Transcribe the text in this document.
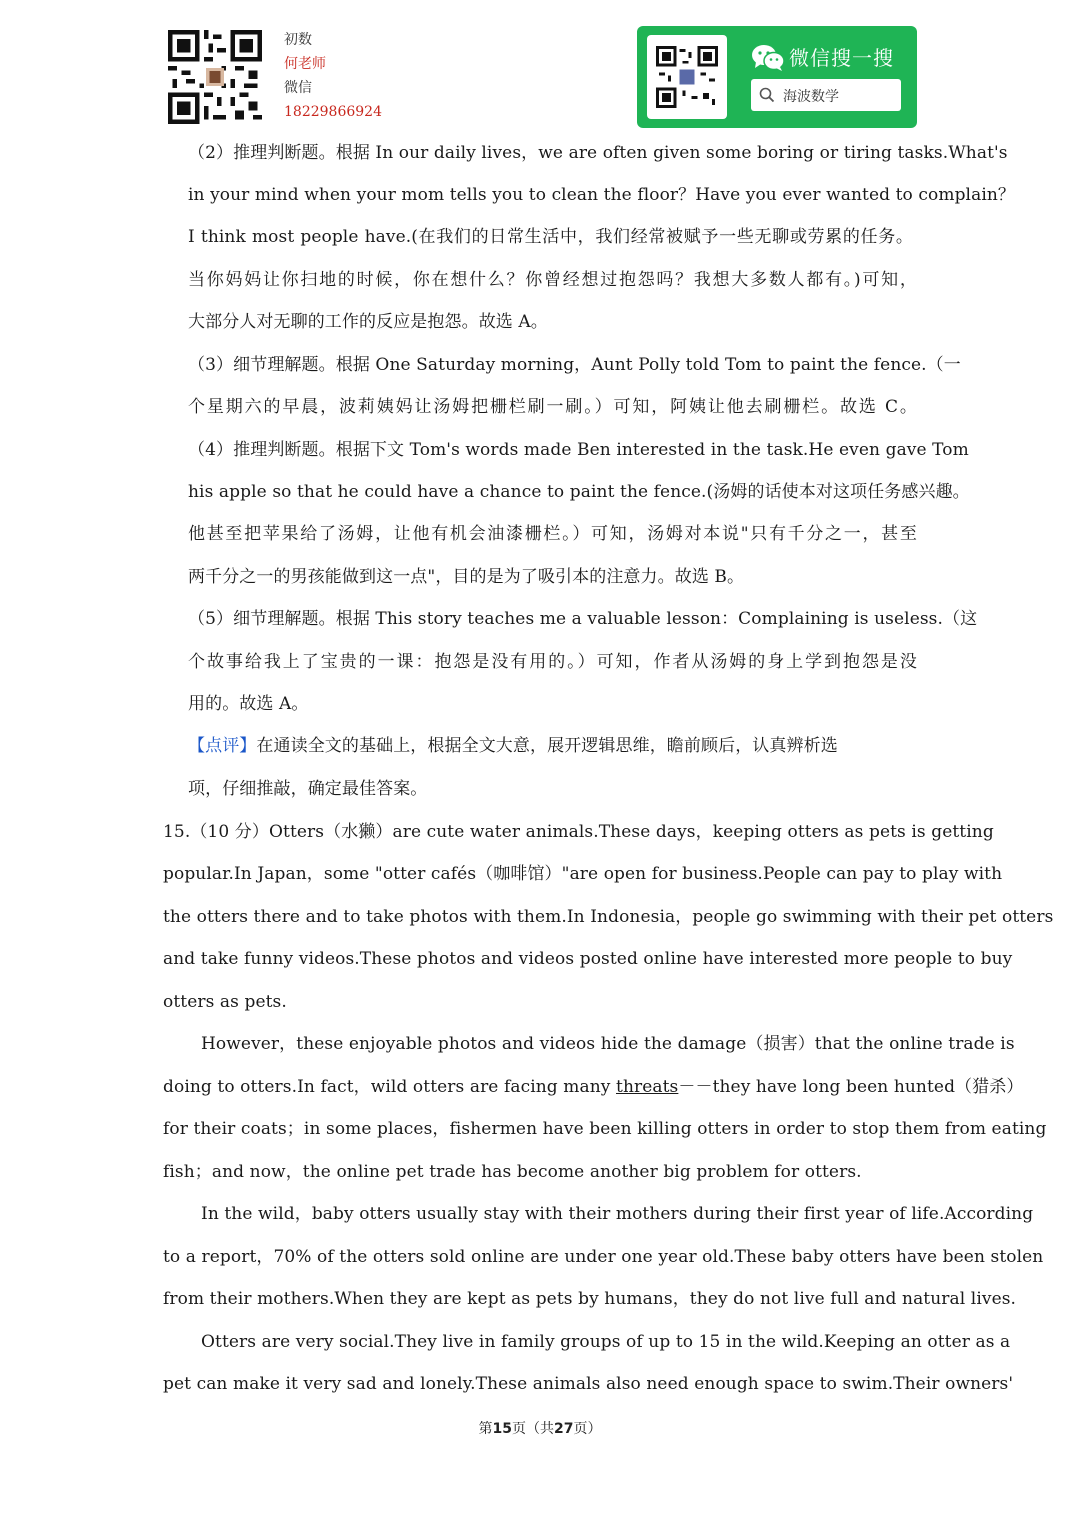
初数
何老师
微信
18229866924
微信搜一搜
海波数学
（2）推理判断题。根据 In our daily lives，we are often given some boring or tiring tasks.What's
in your mind when your mom tells you to clean the floor？Have you ever wanted to complain？
I think most people have.(在我们的日常生活中，我们经常被赋予一些无聊或劳累的任务。
当你妈妈让你扫地的时候，你在想什么？你曾经想过抱怨吗？我想大多数人都有。)可知，
大部分人对无聊的工作的反应是抱怨。故选 A。
（3）细节理解题。根据 One Saturday morning，Aunt Polly told Tom to paint the fence.（一
个星期六的早晨，波莉姨妈让汤姆把栅栏刷一刷。）可知，阿姨让他去刷栅栏。故选 C。
（4）推理判断题。根据下文 Tom's words made Ben interested in the task.He even gave Tom
his apple so that he could have a chance to paint the fence.(汤姆的话使本对这项任务感兴趣。
他甚至把苹果给了汤姆，让他有机会油漆栅栏。）可知，汤姆对本说"只有千分之一，甚至
两千分之一的男孩能做到这一点"，目的是为了吸引本的注意力。故选 B。
（5）细节理解题。根据 This story teaches me a valuable lesson：Complaining is useless.（这
个故事给我上了宝贵的一课：抱怨是没有用的。）可知，作者从汤姆的身上学到抱怨是没
用的。故选 A。
【点评】在通读全文的基础上，根据全文大意，展开逻辑思维，瞻前顾后，认真辨析选
项，仔细推敲，确定最佳答案。
15.（10 分）Otters（水獭）are cute water animals.These days，keeping otters as pets is getting
popular.In Japan，some "otter cafés（咖啡馆）"are open for business.People can pay to play with
the otters there and to take photos with them.In Indonesia，people go swimming with their pet otters
and take funny videos.These photos and videos posted online have interested more people to buy
otters as pets.
However，these enjoyable photos and videos hide the damage（损害）that the online trade is
doing to otters.In fact，wild otters are facing many threats－－they have long been hunted（猎杀）
for their coats；in some places，fishermen have been killing otters in order to stop them from eating
fish；and now，the online pet trade has become another big problem for otters.
In the wild，baby otters usually stay with their mothers during their first year of life.According
to a report，70% of the otters sold online are under one year old.These baby otters have been stolen
from their mothers.When they are kept as pets by humans，they do not live full and natural lives.
Otters are very social.They live in family groups of up to 15 in the wild.Keeping an otter as a
pet can make it very sad and lonely.These animals also need enough space to swim.Their owners'
第15页（共27页）
